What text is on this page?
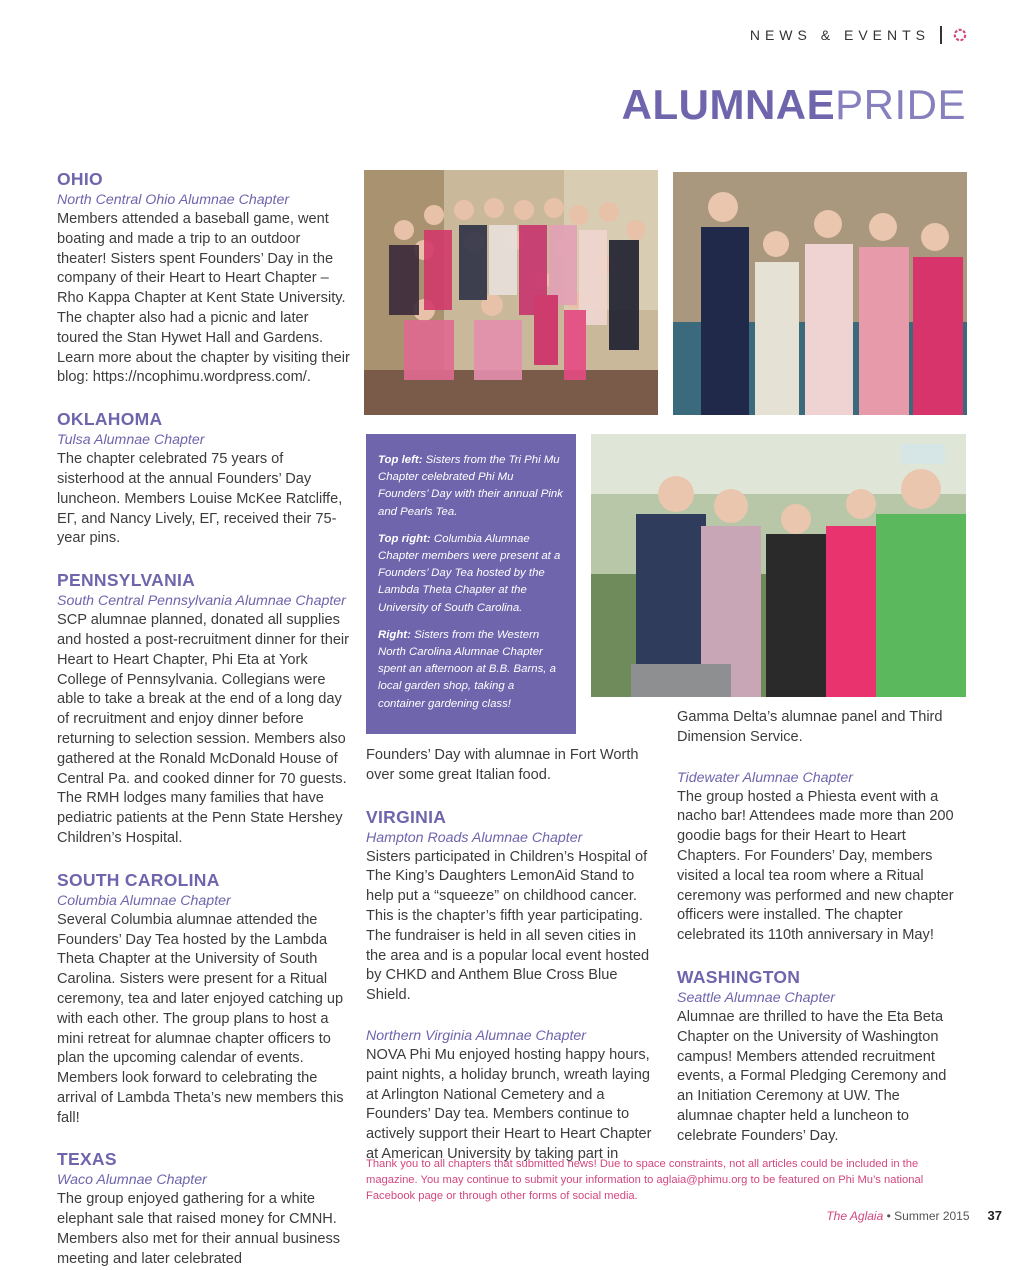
NEWS & EVENTS
ALUMNAEPRIDE

OHIO

North Central Ohio Alumnae Chapter

Members attended a baseball game, went boating and made a trip to an outdoor theater! Sisters spent Founders’ Day in the company of their Heart to Heart Chapter – Rho Kappa Chapter at Kent State University. The chapter also had a picnic and later toured the Stan Hywet Hall and Gardens. Learn more about the chapter by visiting their blog: https://ncophimu.wordpress.com/.

OKLAHOMA

Tulsa Alumnae Chapter

The chapter celebrated 75 years of sisterhood at the annual Founders’ Day luncheon. Members Louise McKee Ratcliffe, EΓ, and Nancy Lively, EΓ, received their 75-year pins.

PENNSYLVANIA

South Central Pennsylvania Alumnae Chapter

SCP alumnae planned, donated all supplies and hosted a post-recruitment dinner for their Heart to Heart Chapter, Phi Eta at York College of Pennsylvania. Collegians were able to take a break at the end of a long day of recruitment and enjoy dinner before returning to selection session. Members also gathered at the Ronald McDonald House of Central Pa. and cooked dinner for 70 guests. The RMH lodges many families that have pediatric patients at the Penn State Hershey Children’s Hospital.

SOUTH CAROLINA

Columbia Alumnae Chapter

Several Columbia alumnae attended the Founders’ Day Tea hosted by the Lambda Theta Chapter at the University of South Carolina. Sisters were present for a Ritual ceremony, tea and later enjoyed catching up with each other. The group plans to host a mini retreat for alumnae chapter officers to plan the upcoming calendar of events. Members look forward to celebrating the arrival of Lambda Theta’s new members this fall!

TEXAS

Waco Alumnae Chapter

The group enjoyed gathering for a white elephant sale that raised money for CMNH. Members also met for their annual business meeting and later celebrated

Top left: Sisters from the Tri Phi Mu Chapter celebrated Phi Mu Founders’ Day with their annual Pink and Pearls Tea.

Top right: Columbia Alumnae Chapter members were present at a Founders’ Day Tea hosted by the Lambda Theta Chapter at the University of South Carolina.

Right: Sisters from the Western North Carolina Alumnae Chapter spent an afternoon at B.B. Barns, a local garden shop, taking a container gardening class!

Founders’ Day with alumnae in Fort Worth over some great Italian food.

VIRGINIA

Hampton Roads Alumnae Chapter

Sisters participated in Children’s Hospital of The King’s Daughters LemonAid Stand to help put a “squeeze” on childhood cancer. This is the chapter’s fifth year participating. The fundraiser is held in all seven cities in the area and is a popular local event hosted by CHKD and Anthem Blue Cross Blue Shield.

Northern Virginia Alumnae Chapter

NOVA Phi Mu enjoyed hosting happy hours, paint nights, a holiday brunch, wreath laying at Arlington National Cemetery and a Founders’ Day tea. Members continue to actively support their Heart to Heart Chapter at American University by taking part in

Gamma Delta’s alumnae panel and Third Dimension Service.

Tidewater Alumnae Chapter

The group hosted a Phiesta event with a nacho bar! Attendees made more than 200 goodie bags for their Heart to Heart Chapters. For Founders’ Day, members visited a local tea room where a Ritual ceremony was performed and new chapter officers were installed. The chapter celebrated its 110th anniversary in May!

WASHINGTON

Seattle Alumnae Chapter

Alumnae are thrilled to have the Eta Beta Chapter on the University of Washington campus! Members attended recruitment events, a Formal Pledging Ceremony and an Initiation Ceremony at UW. The alumnae chapter held a luncheon to celebrate Founders’ Day.

Thank you to all chapters that submitted news! Due to space constraints, not all articles could be included in the magazine. You may continue to submit your information to aglaia@phimu.org to be featured on Phi Mu’s national Facebook page or through other forms of social media.
The Aglaia • Summer 2015 37
